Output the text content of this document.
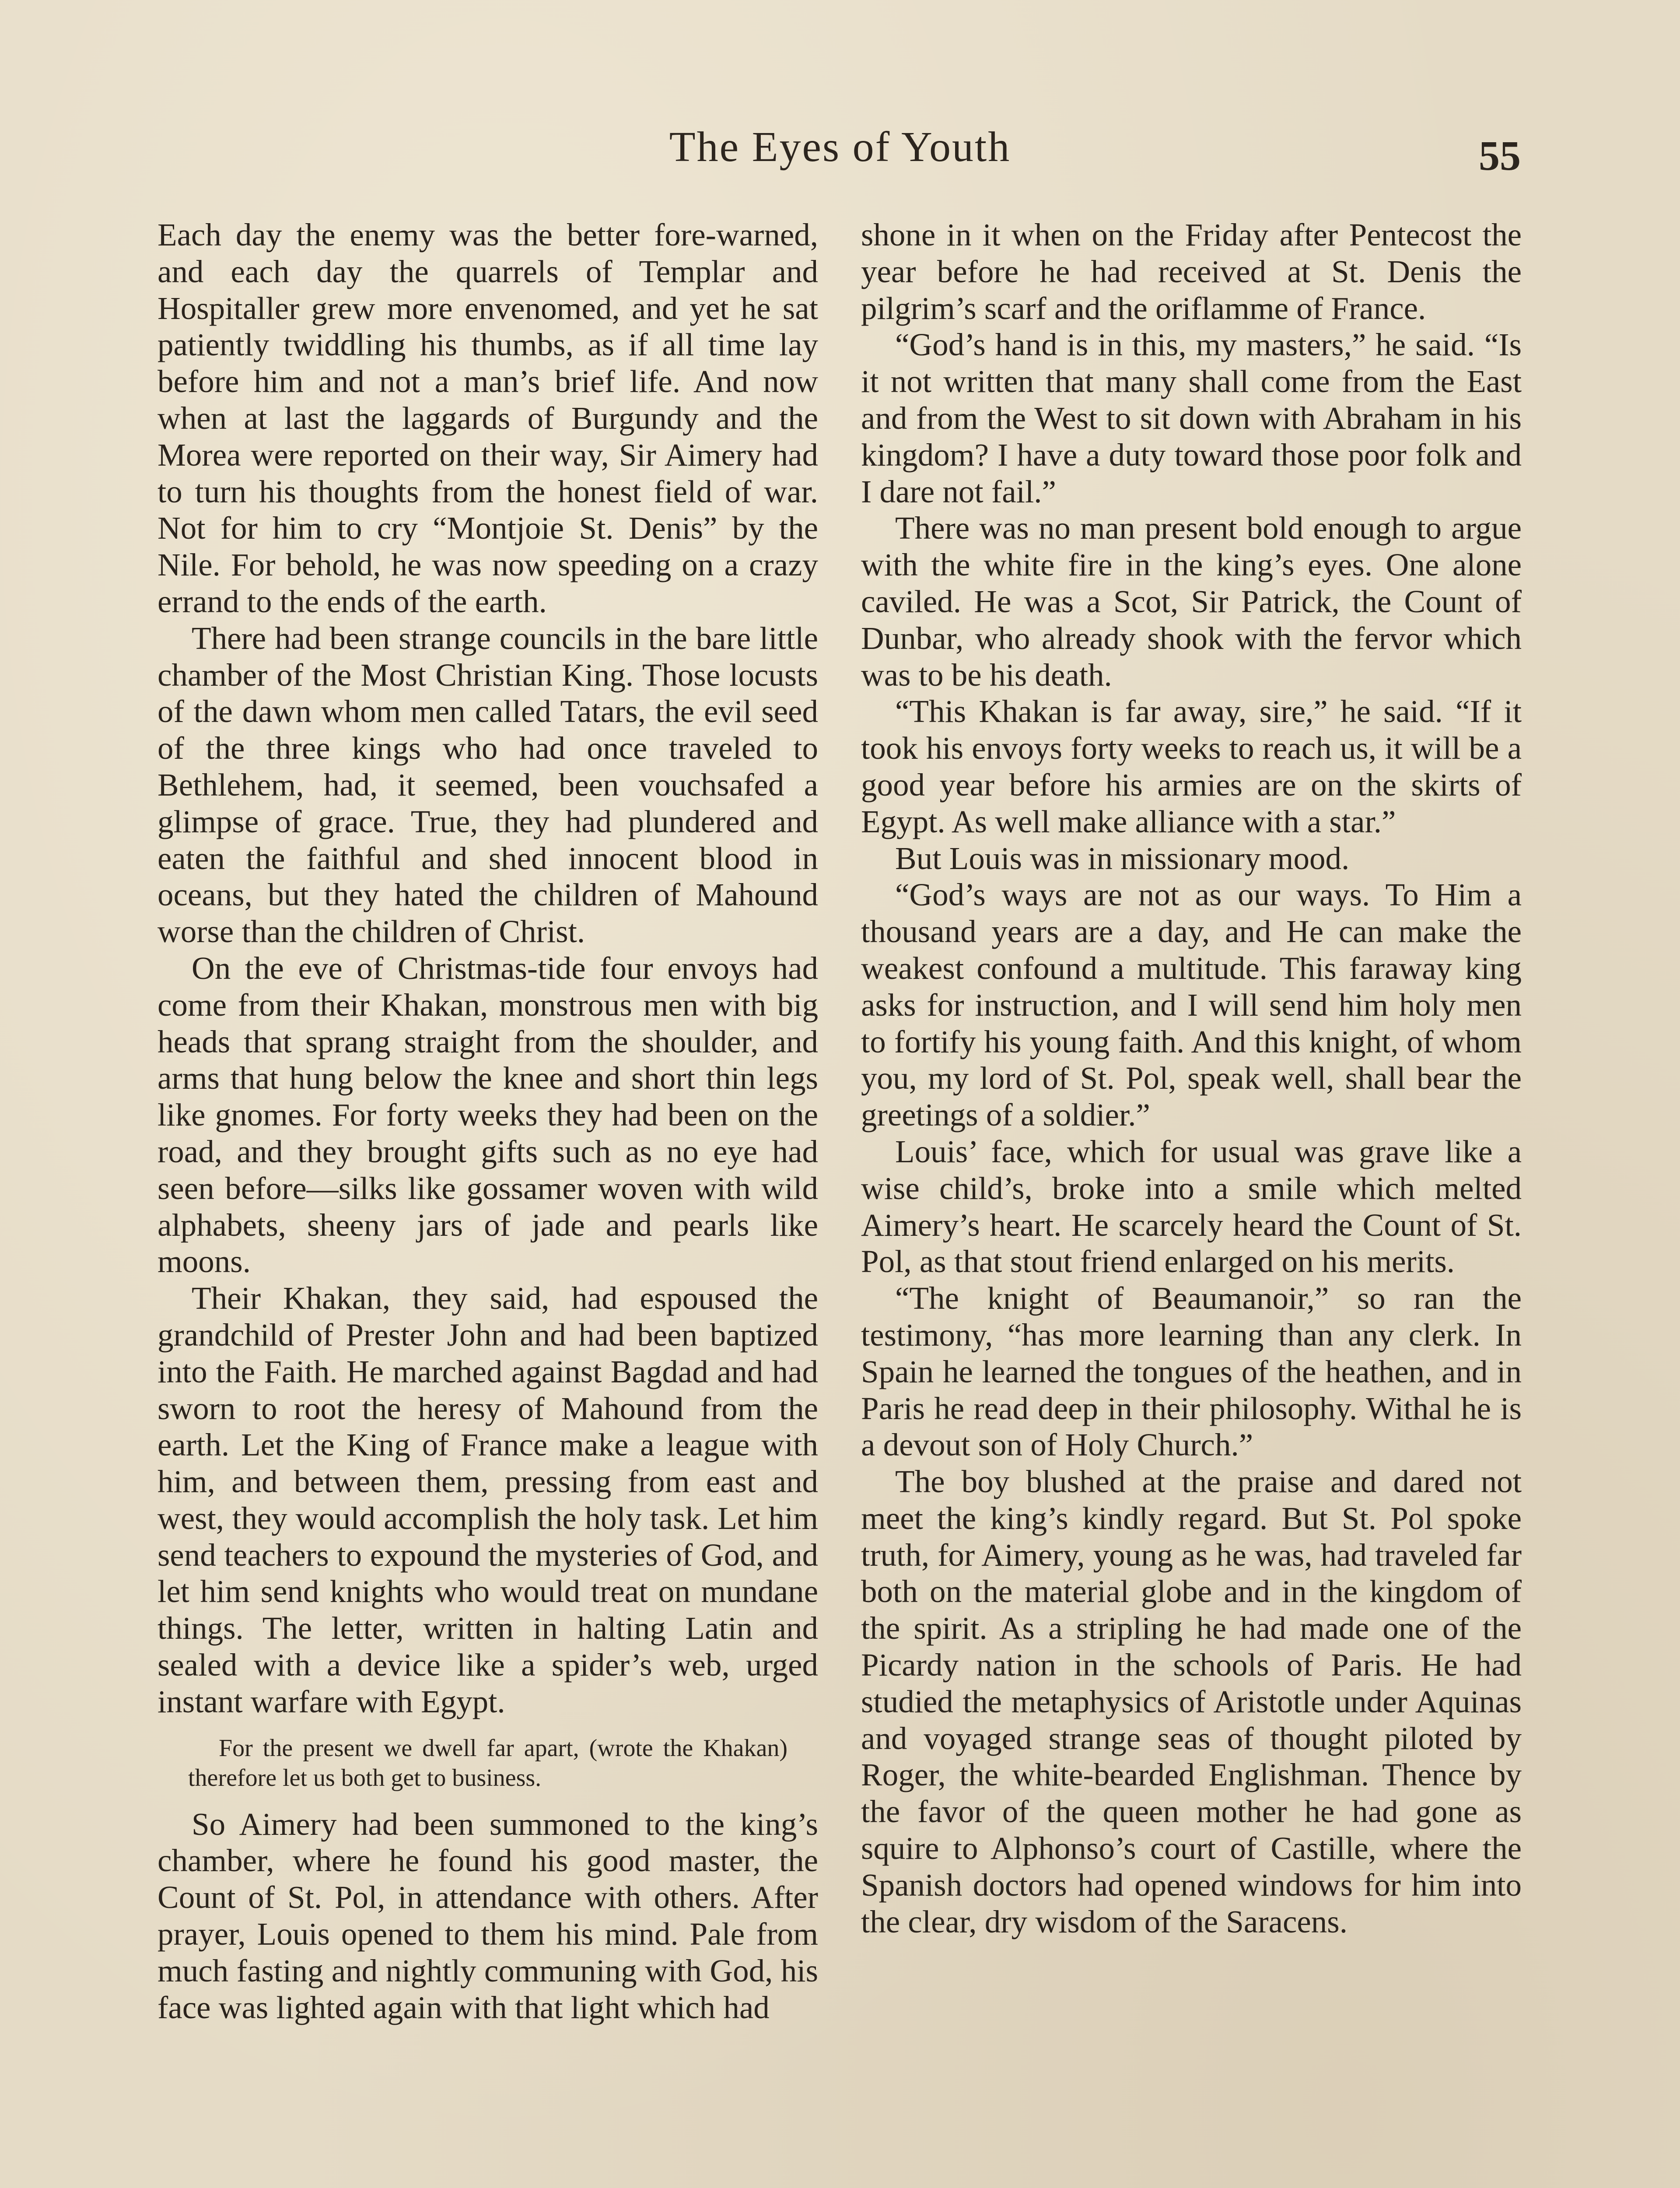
The Eyes of Youth	55

Each day the enemy was the better fore-warned, and each day the quarrels of Templar and Hospitaller grew more envenomed, and yet he sat patiently twiddling his thumbs, as if all time lay before him and not a man’s brief life. And now when at last the laggards of Burgundy and the Morea were reported on their way, Sir Aimery had to turn his thoughts from the honest field of war. Not for him to cry “Montjoie St. Denis” by the Nile. For behold, he was now speeding on a crazy errand to the ends of the earth.

There had been strange councils in the bare little chamber of the Most Christian King. Those locusts of the dawn whom men called Tatars, the evil seed of the three kings who had once traveled to Bethlehem, had, it seemed, been vouchsafed a glimpse of grace. True, they had plundered and eaten the faithful and shed innocent blood in oceans, but they hated the children of Mahound worse than the children of Christ.

On the eve of Christmas-tide four envoys had come from their Khakan, monstrous men with big heads that sprang straight from the shoulder, and arms that hung below the knee and short thin legs like gnomes. For forty weeks they had been on the road, and they brought gifts such as no eye had seen before—silks like gossamer woven with wild alphabets, sheeny jars of jade and pearls like moons.

Their Khakan, they said, had espoused the grandchild of Prester John and had been baptized into the Faith. He marched against Bagdad and had sworn to root the heresy of Mahound from the earth. Let the King of France make a league with him, and between them, pressing from east and west, they would accomplish the holy task. Let him send teachers to expound the mysteries of God, and let him send knights who would treat on mundane things. The letter, written in halting Latin and sealed with a device like a spider’s web, urged instant warfare with Egypt.

For the present we dwell far apart, (wrote the Khakan) therefore let us both get to business.

So Aimery had been summoned to the king’s chamber, where he found his good master, the Count of St. Pol, in attendance with others. After prayer, Louis opened to them his mind. Pale from much fasting and nightly communing with God, his face was lighted again with that light which had

shone in it when on the Friday after Pentecost the year before he had received at St. Denis the pilgrim’s scarf and the oriflamme of France.

“God’s hand is in this, my masters,” he said. “Is it not written that many shall come from the East and from the West to sit down with Abraham in his kingdom? I have a duty toward those poor folk and I dare not fail.”

There was no man present bold enough to argue with the white fire in the king’s eyes. One alone caviled. He was a Scot, Sir Patrick, the Count of Dunbar, who already shook with the fervor which was to be his death.

“This Khakan is far away, sire,” he said. “If it took his envoys forty weeks to reach us, it will be a good year before his armies are on the skirts of Egypt. As well make alliance with a star.”

But Louis was in missionary mood.

“God’s ways are not as our ways. To Him a thousand years are a day, and He can make the weakest confound a multitude. This faraway king asks for instruction, and I will send him holy men to fortify his young faith. And this knight, of whom you, my lord of St. Pol, speak well, shall bear the greetings of a soldier.”

Louis’ face, which for usual was grave like a wise child’s, broke into a smile which melted Aimery’s heart. He scarcely heard the Count of St. Pol, as that stout friend enlarged on his merits.

“The knight of Beaumanoir,” so ran the testimony, “has more learning than any clerk. In Spain he learned the tongues of the heathen, and in Paris he read deep in their philosophy. Withal he is a devout son of Holy Church.”

The boy blushed at the praise and dared not meet the king’s kindly regard. But St. Pol spoke truth, for Aimery, young as he was, had traveled far both on the material globe and in the kingdom of the spirit. As a stripling he had made one of the Picardy nation in the schools of Paris. He had studied the metaphysics of Aristotle under Aquinas and voyaged strange seas of thought piloted by Roger, the white-bearded Englishman. Thence by the favor of the queen mother he had gone as squire to Alphonso’s court of Castille, where the Spanish doctors had opened windows for him into the clear, dry wisdom of the Saracens.
